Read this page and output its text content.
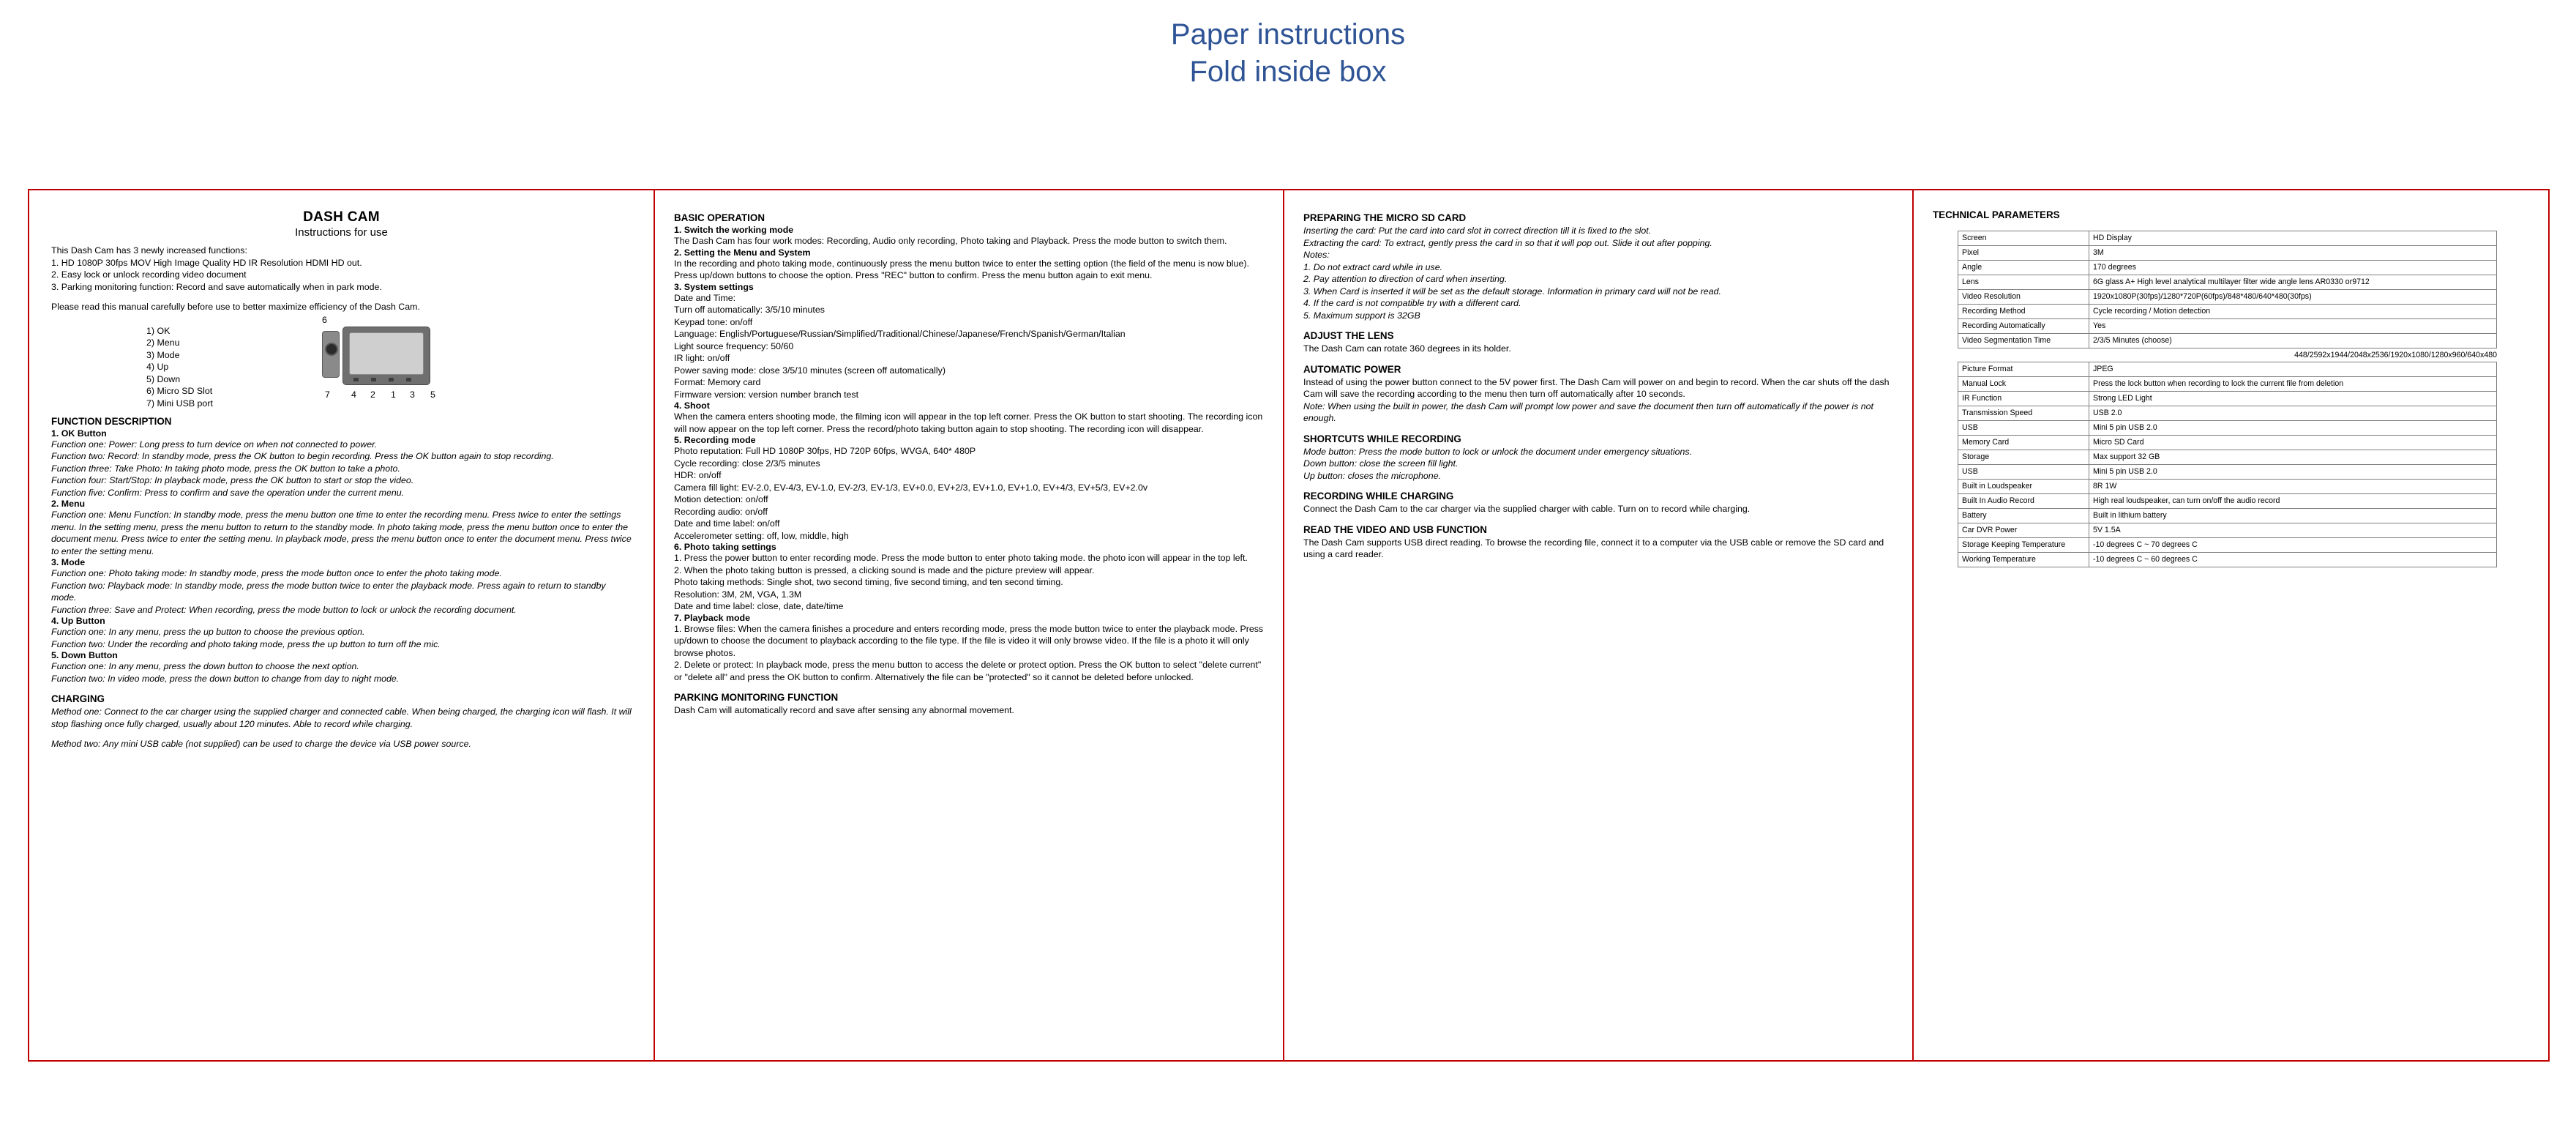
Paper instructions
Fold inside box
DASH CAM
Instructions for use
This Dash Cam has 3 newly increased functions:
1. HD 1080P 30fps MOV High Image Quality HD IR Resolution HDMI HD out.
2. Easy lock or unlock recording video document
3. Parking monitoring function: Record and save automatically when in park mode.
Please read this manual carefully before use to better maximize efficiency of the Dash Cam.
1) OK
2) Menu
3) Mode
4) Up
5) Down
6) Micro SD Slot
7) Mini USB port
6
7 4 2 1 3 5
FUNCTION DESCRIPTION
1. OK Button
Function one: Power: Long press to turn device on when not connected to power.
Function two: Record: In standby mode, press the OK button to begin recording. Press the OK button again to stop recording.
Function three: Take Photo: In taking photo mode, press the OK button to take a photo.
Function four: Start/Stop: In playback mode, press the OK button to start or stop the video.
Function five: Confirm: Press to confirm and save the operation under the current menu.
2. Menu
Function one: Menu Function: In standby mode, press the menu button one time to enter the recording menu. Press twice to enter the settings menu. In the setting menu, press the menu button to return to the standby mode. In photo taking mode, press the menu button once to enter the document menu. Press twice to enter the setting menu. In playback mode, press the menu button once to enter the document menu. Press twice to enter the setting menu.
3. Mode
Function one: Photo taking mode: In standby mode, press the mode button once to enter the photo taking mode.
Function two: Playback mode: In standby mode, press the mode button twice to enter the playback mode. Press again to return to standby mode.
Function three: Save and Protect: When recording, press the mode button to lock or unlock the recording document.
4. Up Button
Function one: In any menu, press the up button to choose the previous option.
Function two: Under the recording and photo taking mode, press the up button to turn off the mic.
5. Down Button
Function one: In any menu, press the down button to choose the next option.
Function two: In video mode, press the down button to change from day to night mode.
CHARGING
Method one: Connect to the car charger using the supplied charger and connected cable. When being charged, the charging icon will flash. It will stop flashing once fully charged, usually about 120 minutes. Able to record while charging.
Method two: Any mini USB cable (not supplied) can be used to charge the device via USB power source.
BASIC OPERATION
1. Switch the working mode
The Dash Cam has four work modes: Recording, Audio only recording, Photo taking and Playback. Press the mode button to switch them.
2. Setting the Menu and System
In the recording and photo taking mode, continuously press the menu button twice to enter the setting option (the field of the menu is now blue). Press up/down buttons to choose the option. Press "REC" button to confirm. Press the menu button again to exit menu.
3. System settings
Date and Time:
Turn off automatically: 3/5/10 minutes
Keypad tone: on/off
Language: English/Portuguese/Russian/Simplified/Traditional/Chinese/Japanese/French/Spanish/German/Italian
Light source frequency: 50/60
IR light: on/off
Power saving mode: close 3/5/10 minutes (screen off automatically)
Format: Memory card
Firmware version: version number branch test
4. Shoot
When the camera enters shooting mode, the filming icon will appear in the top left corner. Press the OK button to start shooting. The recording icon will now appear on the top left corner. Press the record/photo taking button again to stop shooting. The recording icon will disappear.
5. Recording mode
Photo reputation: Full HD 1080P 30fps, HD 720P 60fps, WVGA, 640* 480P
Cycle recording: close 2/3/5 minutes
HDR: on/off
Camera fill light: EV-2.0, EV-4/3, EV-1.0, EV-2/3, EV-1/3, EV+0.0, EV+2/3, EV+1.0, EV+1.0, EV+4/3, EV+5/3, EV+2.0v
Motion detection: on/off
Recording audio: on/off
Date and time label: on/off
Accelerometer setting: off, low, middle, high
6. Photo taking settings
1. Press the power button to enter recording mode. Press the mode button to enter photo taking mode. the photo icon will appear in the top left.
2. When the photo taking button is pressed, a clicking sound is made and the picture preview will appear.
Photo taking methods: Single shot, two second timing, five second timing, and ten second timing.
Resolution: 3M, 2M, VGA, 1.3M
Date and time label: close, date, date/time
7. Playback mode
1. Browse files: When the camera finishes a procedure and enters recording mode, press the mode button twice to enter the playback mode. Press up/down to choose the document to playback according to the file type. If the file is video it will only browse video. If the file is a photo it will only browse photos.
2. Delete or protect: In playback mode, press the menu button to access the delete or protect option. Press the OK button to select "delete current" or "delete all" and press the OK button to confirm. Alternatively the file can be "protected" so it cannot be deleted before unlocked.
PARKING MONITORING FUNCTION
Dash Cam will automatically record and save after sensing any abnormal movement.
PREPARING THE MICRO SD CARD
Inserting the card: Put the card into card slot in correct direction till it is fixed to the slot.
Extracting the card: To extract, gently press the card in so that it will pop out. Slide it out after popping.
Notes:
1. Do not extract card while in use.
2. Pay attention to direction of card when inserting.
3. When Card is inserted it will be set as the default storage. Information in primary card will not be read.
4. If the card is not compatible try with a different card.
5. Maximum support is 32GB
ADJUST THE LENS
The Dash Cam can rotate 360 degrees in its holder.
AUTOMATIC POWER
Instead of using the power button connect to the 5V power first. The Dash Cam will power on and begin to record. When the car shuts off the dash Cam will save the recording according to the menu then turn off automatically after 10 seconds.
Note: When using the built in power, the dash Cam will prompt low power and save the document then turn off automatically if the power is not enough.
SHORTCUTS WHILE RECORDING
Mode button: Press the mode button to lock or unlock the document under emergency situations.
Down button: close the screen fill light.
Up button: closes the microphone.
RECORDING WHILE CHARGING
Connect the Dash Cam to the car charger via the supplied charger with cable. Turn on to record while charging.
READ THE VIDEO AND USB FUNCTION
The Dash Cam supports USB direct reading. To browse the recording file, connect it to a computer via the USB cable or remove the SD card and using a card reader.
TECHNICAL PARAMETERS
Screen	HD Display
Pixel	3M
Angle	170 degrees
Lens	6G glass A+ High level analytical multilayer filter wide angle lens AR0330 or9712
Video Resolution	1920x1080P(30fps)/1280*720P(60fps)/848*480/640*480(30fps)
Recording Method	Cycle recording / Motion detection
Recording Automatically	Yes
Video Segmentation Time	2/3/5 Minutes (choose)
448/2592x1944/2048x2536/1920x1080/1280x960/640x480
Picture Format	JPEG
Manual Lock	Press the lock button when recording to lock the current file from deletion
IR Function	Strong LED Light
Transmission Speed	USB 2.0
USB	Mini 5 pin USB 2.0
Memory Card	Micro SD Card
Storage	Max support 32 GB
USB	Mini 5 pin USB 2.0
Built in Loudspeaker	8R 1W
Built In Audio Record	High real loudspeaker, can turn on/off the audio record
Battery	Built in lithium battery
Car DVR Power	5V 1.5A
Storage Keeping Temperature	-10 degrees C ~ 70 degrees C
Working Temperature	-10 degrees C ~ 60 degrees C
